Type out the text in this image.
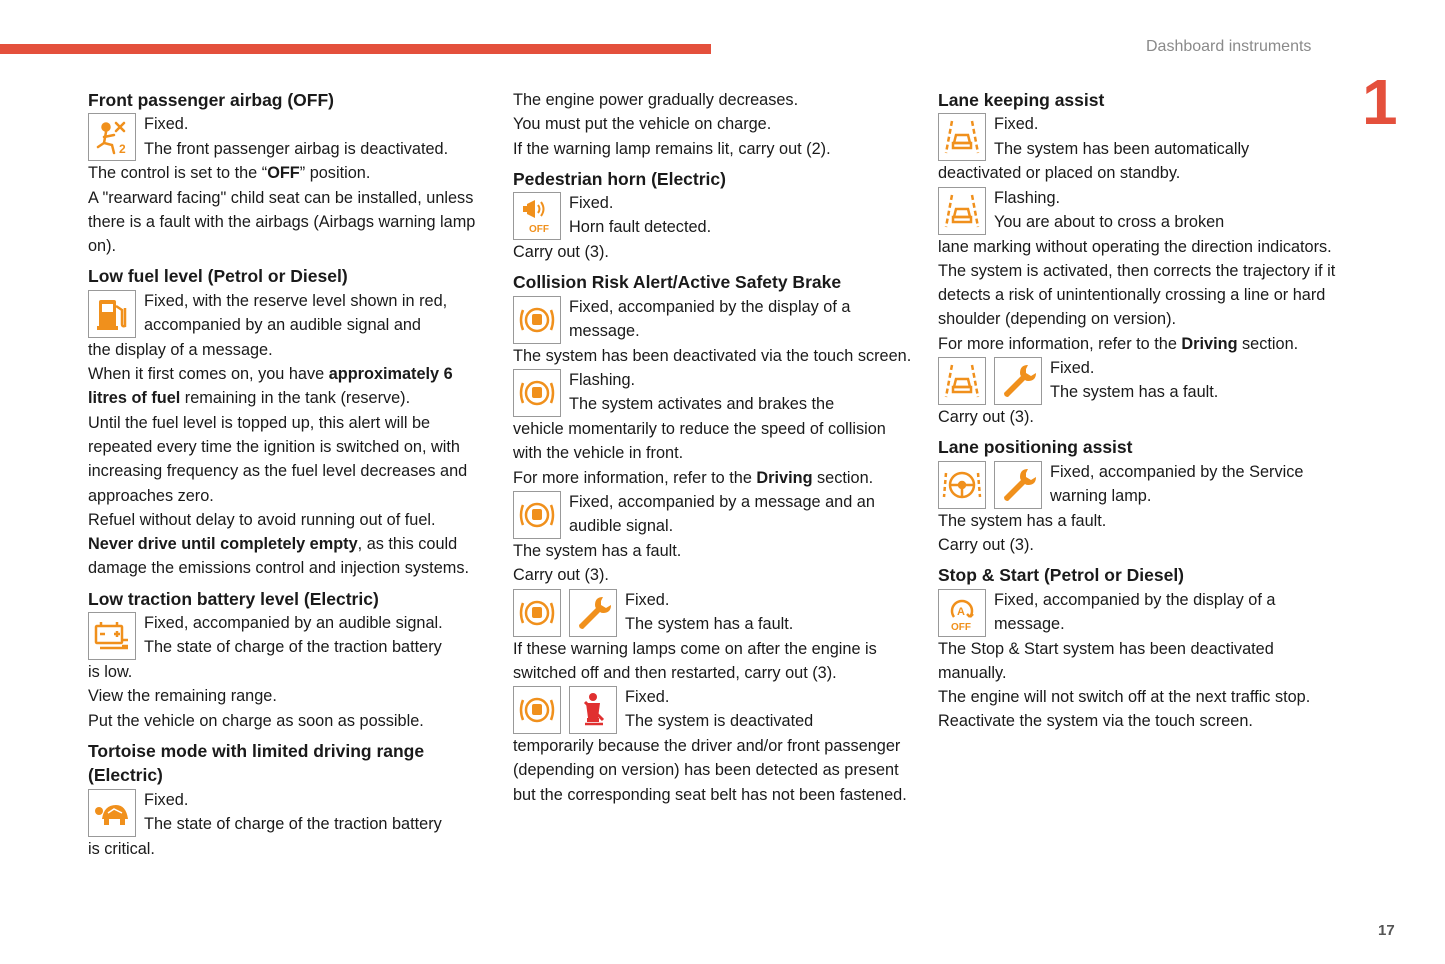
Dashboard instruments
1
17
Front passenger airbag (OFF)
2

Fixed.

The front passenger airbag is deactivated.

The control is set to the “OFF” position.

A "rearward facing" child seat can be installed, unless there is a fault with the airbags (Airbags warning lamp on).

Low fuel level (Petrol or Diesel)

Fixed, with the reserve level shown in red, accompanied by an audible signal and

the display of a message.

When it first comes on, you have approximately 6 litres of fuel remaining in the tank (reserve).

Until the fuel level is topped up, this alert will be repeated every time the ignition is switched on, with increasing frequency as the fuel level decreases and approaches zero.

Refuel without delay to avoid running out of fuel.

Never drive until completely empty, as this could damage the emissions control and injection systems.

Low traction battery level (Electric)

Fixed, accompanied by an audible signal.

The state of charge of the traction battery

is low.

View the remaining range.

Put the vehicle on charge as soon as possible.

Tortoise mode with limited driving range (Electric)

Fixed.

The state of charge of the traction battery

is critical.

The engine power gradually decreases.

You must put the vehicle on charge.

If the warning lamp remains lit, carry out (2).

Pedestrian horn (Electric)
OFF

Fixed.

Horn fault detected.

Carry out (3).

Collision Risk Alert/Active Safety Brake

Fixed, accompanied by the display of a message.

The system has been deactivated via the touch screen.

Flashing.

The system activates and brakes the

vehicle momentarily to reduce the speed of collision with the vehicle in front.

For more information, refer to the Driving section.

Fixed, accompanied by a message and an audible signal.

The system has a fault.

Carry out (3).

Fixed.

The system has a fault.

If these warning lamps come on after the engine is switched off and then restarted, carry out (3).

Fixed.

The system is deactivated

temporarily because the driver and/or front passenger (depending on version) has been detected as present but the corresponding seat belt has not been fastened.

Lane keeping assist

Fixed.

The system has been automatically

deactivated or placed on standby.

Flashing.

You are about to cross a broken

lane marking without operating the direction indicators.

The system is activated, then corrects the trajectory if it detects a risk of unintentionally crossing a line or hard shoulder (depending on version).

For more information, refer to the Driving section.

Fixed.

The system has a fault.

Carry out (3).

Lane positioning assist

Fixed, accompanied by the Service warning lamp.

The system has a fault.

Carry out (3).

Stop & Start (Petrol or Diesel)
A
OFF

Fixed, accompanied by the display of a message.

The Stop & Start system has been deactivated manually.

The engine will not switch off at the next traffic stop.

Reactivate the system via the touch screen.
